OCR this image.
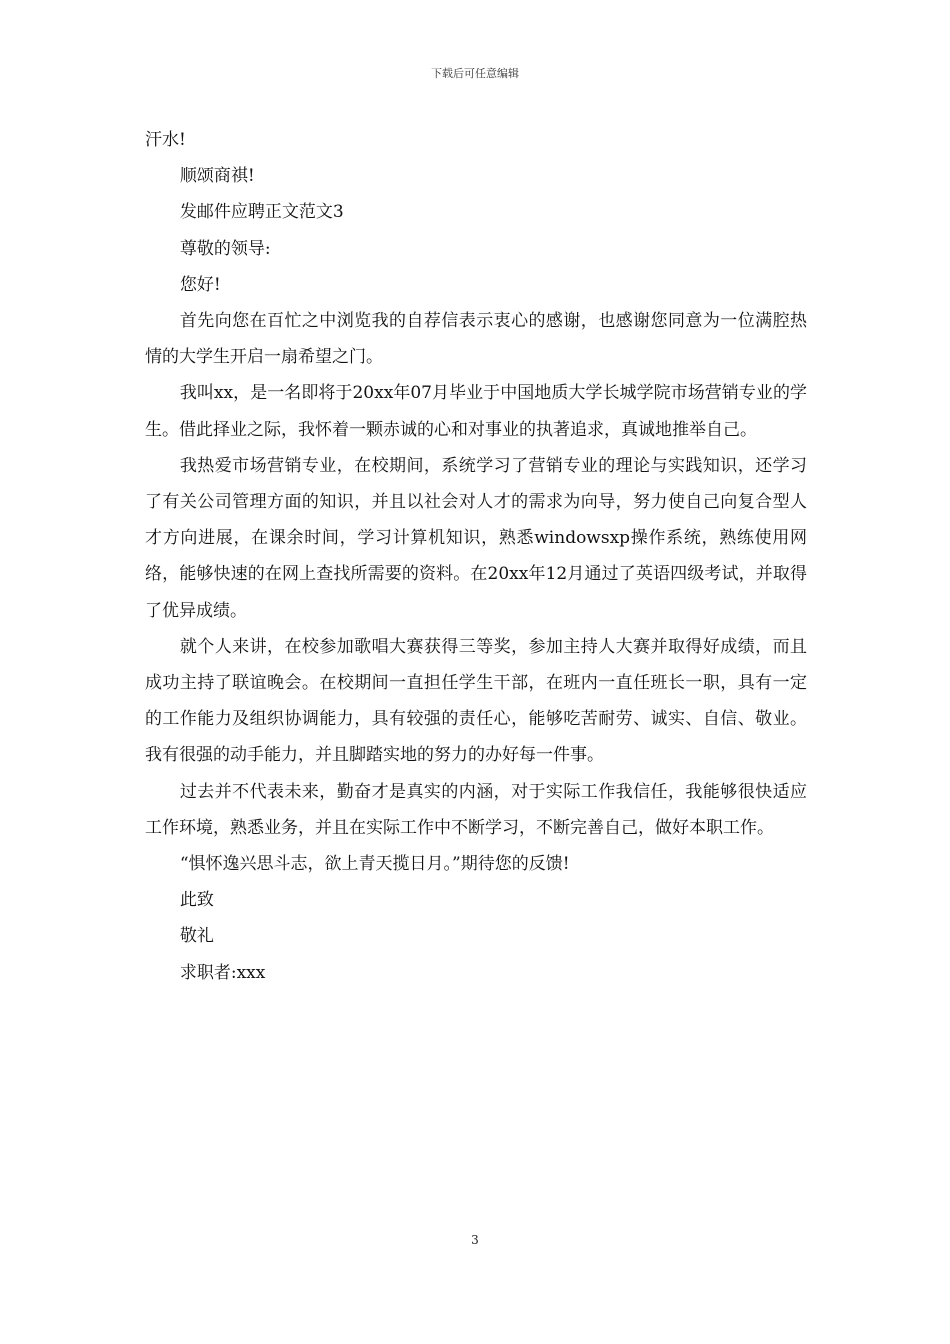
下载后可任意编辑

汗水!

顺颂商祺!

发邮件应聘正文范文3

尊敬的领导:

您好!

首先向您在百忙之中浏览我的自荐信表示衷心的感谢，也感谢您同意为一位满腔热情的大学生开启一扇希望之门。

我叫xx，是一名即将于20xx年07月毕业于中国地质大学长城学院市场营销专业的学生。借此择业之际，我怀着一颗赤诚的心和对事业的执著追求，真诚地推举自己。

我热爱市场营销专业，在校期间，系统学习了营销专业的理论与实践知识，还学习了有关公司管理方面的知识，并且以社会对人才的需求为向导，努力使自己向复合型人才方向进展，在课余时间，学习计算机知识，熟悉windowsxp操作系统，熟练使用网络，能够快速的在网上查找所需要的资料。在20xx年12月通过了英语四级考试，并取得了优异成绩。

就个人来讲，在校参加歌唱大赛获得三等奖，参加主持人大赛并取得好成绩，而且成功主持了联谊晚会。在校期间一直担任学生干部，在班内一直任班长一职，具有一定的工作能力及组织协调能力，具有较强的责任心，能够吃苦耐劳、诚实、自信、敬业。我有很强的动手能力，并且脚踏实地的努力的办好每一件事。

过去并不代表未来，勤奋才是真实的内涵，对于实际工作我信任，我能够很快适应工作环境，熟悉业务，并且在实际工作中不断学习，不断完善自己，做好本职工作。

“惧怀逸兴思斗志，欲上青天揽日月。”期待您的反馈!

此致

敬礼

求职者:xxx

3
